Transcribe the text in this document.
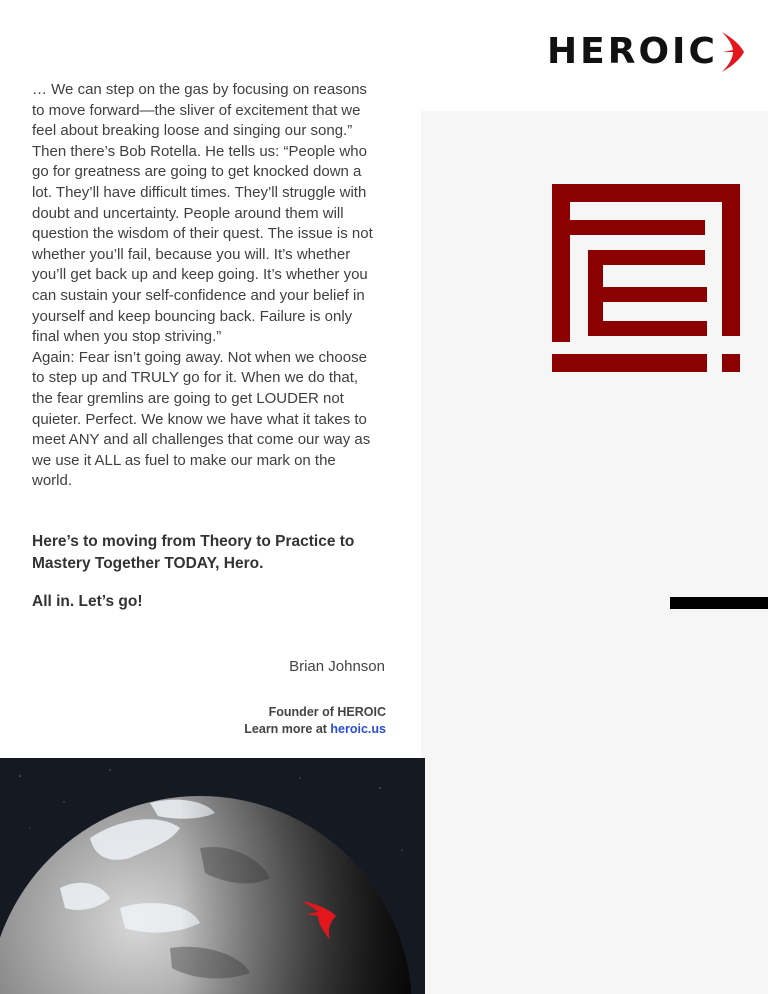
HEROIC

… We can step on the gas by focusing on reasons to move forward—the sliver of excitement that we feel about breaking loose and singing our song.”

Then there’s Bob Rotella. He tells us: “People who go for greatness are going to get knocked down a lot. They’ll have difficult times. They’ll struggle with doubt and uncertainty. People around them will question the wisdom of their quest. The issue is not whether you’ll fail, because you will. It’s whether you’ll get back up and keep going. It’s whether you can sustain your self-confidence and your belief in yourself and keep bouncing back. Failure is only final when you stop striving.”

Again: Fear isn’t going away. Not when we choose to step up and TRULY go for it. When we do that, the fear gremlins are going to get LOUDER not quieter. Perfect. We know we have what it takes to meet ANY and all challenges that come our way as we use it ALL as fuel to make our mark on the world.

Here’s to moving from Theory to Practice to Mastery Together TODAY, Hero.

All in. Let’s go!

Brian Johnson
Founder of HEROIC
Learn more at heroic.us
